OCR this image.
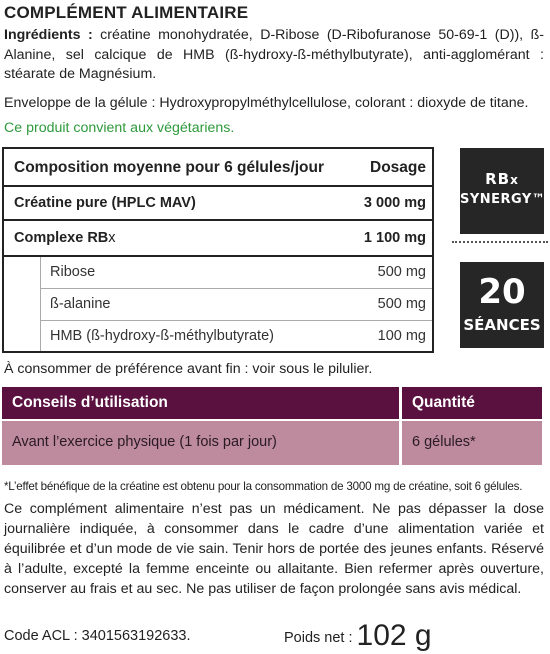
COMPLÉMENT ALIMENTAIRE
Ingrédients : créatine monohydratée, D-Ribose (D-Ribofuranose 50-69-1 (D)), ß-Alanine, sel calcique de HMB (ß-hydroxy-ß-méthylbutyrate), anti-agglomérant : stéarate de Magnésium.
Enveloppe de la gélule : Hydroxypropylméthylcellulose, colorant : dioxyde de titane.
Ce produit convient aux végétariens.
Composition moyenne pour 6 gélules/jour	Dosage
Créatine pure (HPLC MAV)	3 000 mg
Complexe RBx	1 100 mg
Ribose	500 mg
ß-alanine	500 mg
HMB (ß-hydroxy-ß-méthylbutyrate)	100 mg
RBx
SYNERGY™
20
SÉANCES
À consommer de préférence avant fin : voir sous le pilulier.
Conseils d’utilisation	Quantité
Avant l’exercice physique (1 fois par jour)	6 gélules*
*L’effet bénéfique de la créatine est obtenu pour la consommation de 3000 mg de créatine, soit 6 gélules.
Ce complément alimentaire n’est pas un médicament. Ne pas dépasser la dose journalière indiquée, à consommer dans le cadre d’une alimentation variée et équilibrée et d’un mode de vie sain. Tenir hors de portée des jeunes enfants. Réservé à l’adulte, excepté la femme enceinte ou allaitante. Bien refermer après ouverture, conserver au frais et au sec. Ne pas utiliser de façon prolongée sans avis médical.
Code ACL : 3401563192633.	Poids net : 102 g
